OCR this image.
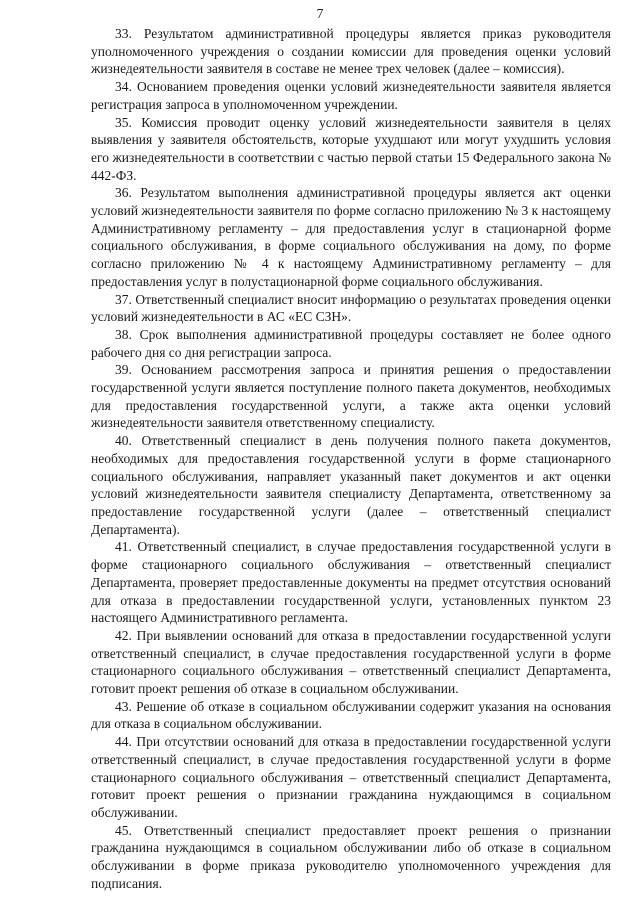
7

33. Результатом административной процедуры является приказ руководителя уполномоченного учреждения о создании комиссии для проведения оценки условий жизнедеятельности заявителя в составе не менее трех человек (далее – комиссия).

34. Основанием проведения оценки условий жизнедеятельности заявителя является регистрация запроса в уполномоченном учреждении.

35. Комиссия проводит оценку условий жизнедеятельности заявителя в целях выявления у заявителя обстоятельств, которые ухудшают или могут ухудшить условия его жизнедеятельности в соответствии с частью первой статьи 15 Федерального закона № 442-ФЗ.

36. Результатом выполнения административной процедуры является акт оценки условий жизнедеятельности заявителя по форме согласно приложению № 3 к настоящему Административному регламенту – для предоставления услуг в стационарной форме социального обслуживания, в форме социального обслуживания на дому, по форме согласно приложению № 4 к настоящему Административному регламенту – для предоставления услуг в полустационарной форме социального обслуживания.

37. Ответственный специалист вносит информацию о результатах проведения оценки условий жизнедеятельности в АС «ЕС СЗН».

38. Срок выполнения административной процедуры составляет не более одного рабочего дня со дня регистрации запроса.

39. Основанием рассмотрения запроса и принятия решения о предоставлении государственной услуги является поступление полного пакета документов, необходимых для предоставления государственной услуги, а также акта оценки условий жизнедеятельности заявителя ответственному специалисту.

40. Ответственный специалист в день получения полного пакета документов, необходимых для предоставления государственной услуги в форме стационарного социального обслуживания, направляет указанный пакет документов и акт оценки условий жизнедеятельности заявителя специалисту Департамента, ответственному за предоставление государственной услуги (далее – ответственный специалист Департамента).

41. Ответственный специалист, в случае предоставления государственной услуги в форме стационарного социального обслуживания – ответственный специалист Департамента, проверяет предоставленные документы на предмет отсутствия оснований для отказа в предоставлении государственной услуги, установленных пунктом 23 настоящего Административного регламента.

42. При выявлении оснований для отказа в предоставлении государственной услуги ответственный специалист, в случае предоставления государственной услуги в форме стационарного социального обслуживания – ответственный специалист Департамента, готовит проект решения об отказе в социальном обслуживании.

43. Решение об отказе в социальном обслуживании содержит указания на основания для отказа в социальном обслуживании.

44. При отсутствии оснований для отказа в предоставлении государственной услуги ответственный специалист, в случае предоставления государственной услуги в форме стационарного социального обслуживания – ответственный специалист Департамента, готовит проект решения о признании гражданина нуждающимся в социальном обслуживании.

45. Ответственный специалист предоставляет проект решения о признании гражданина нуждающимся в социальном обслуживании либо об отказе в социальном обслуживании в форме приказа руководителю уполномоченного учреждения для подписания.
